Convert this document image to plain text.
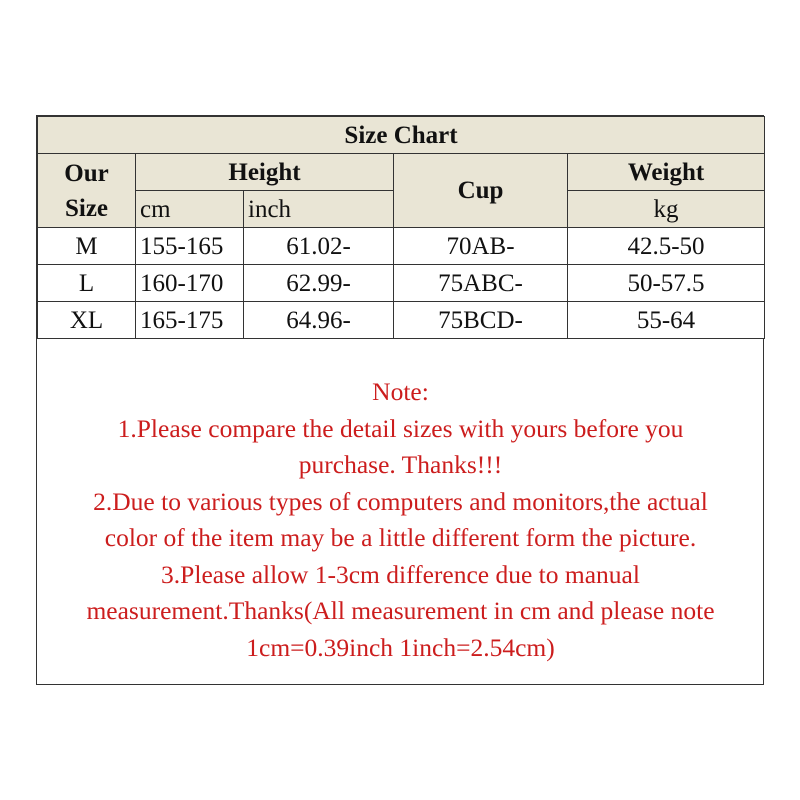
Size Chart				

Our
Size	Height		Cup	Weight
	cm	inch		kg
M	155-165	61.02-	70AB-	42.5-50
L	160-170	62.99-	75ABC-	50-57.5
XL	165-175	64.96-	75BCD-	55-64
Note:
1.Please compare the detail sizes with yours before you
purchase. Thanks!!!
2.Due to various types of computers and monitors,the actual
color of the item may be a little different form the picture.
3.Please allow 1-3cm difference due to manual
measurement.Thanks(All measurement in cm and please note
1cm=0.39inch 1inch=2.54cm)
